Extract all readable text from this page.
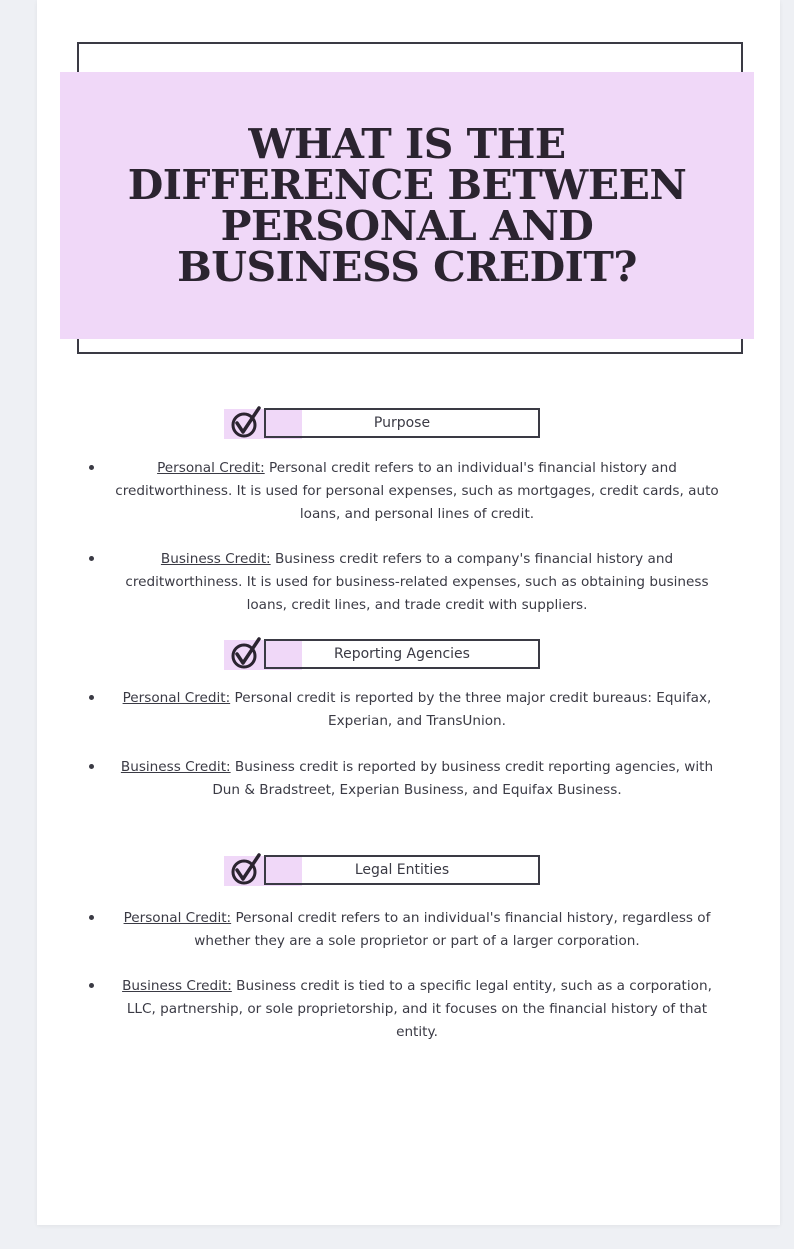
WHAT IS THE
DIFFERENCE BETWEEN
PERSONAL AND
BUSINESS CREDIT?
Purpose

Personal Credit: Personal credit refers to an individual's financial history and creditworthiness. It is used for personal expenses, such as mortgages, credit cards, auto loans, and personal lines of credit.

Business Credit: Business credit refers to a company's financial history and creditworthiness. It is used for business-related expenses, such as obtaining business loans, credit lines, and trade credit with suppliers.

Reporting Agencies

Personal Credit: Personal credit is reported by the three major credit bureaus: Equifax, Experian, and TransUnion.

Business Credit: Business credit is reported by business credit reporting agencies, with Dun & Bradstreet, Experian Business, and Equifax Business.

Legal Entities

Personal Credit: Personal credit refers to an individual's financial history, regardless of whether they are a sole proprietor or part of a larger corporation.

Business Credit: Business credit is tied to a specific legal entity, such as a corporation, LLC, partnership, or sole proprietorship, and it focuses on the financial history of that entity.
